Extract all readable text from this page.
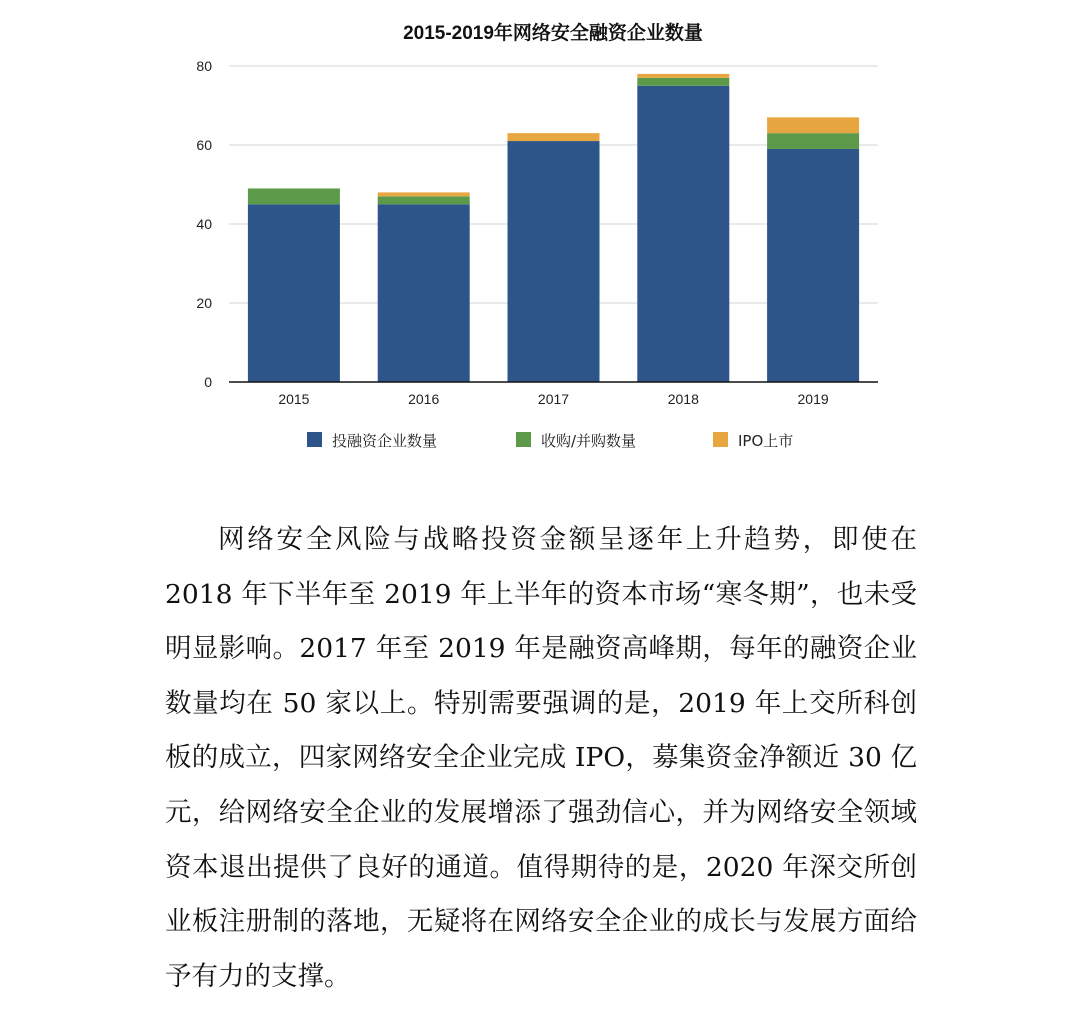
2015-2019年网络安全融资企业数量
0
20
40
60
80
2015	2016	2017	2018	2019
投融资企业数量	收购/并购数量	IPO上市

网络安全风险与战略投资金额呈逐年上升趋势，即使在2018 年下半年至 2019 年上半年的资本市场“寒冬期”，也未受明显影响。2017 年至 2019 年是融资高峰期，每年的融资企业数量均在 50 家以上。特别需要强调的是，2019 年上交所科创板的成立，四家网络安全企业完成 IPO，募集资金净额近 30 亿元，给网络安全企业的发展增添了强劲信心，并为网络安全领域资本退出提供了良好的通道。值得期待的是，2020 年深交所创业板注册制的落地，无疑将在网络安全企业的成长与发展方面给予有力的支撑。
